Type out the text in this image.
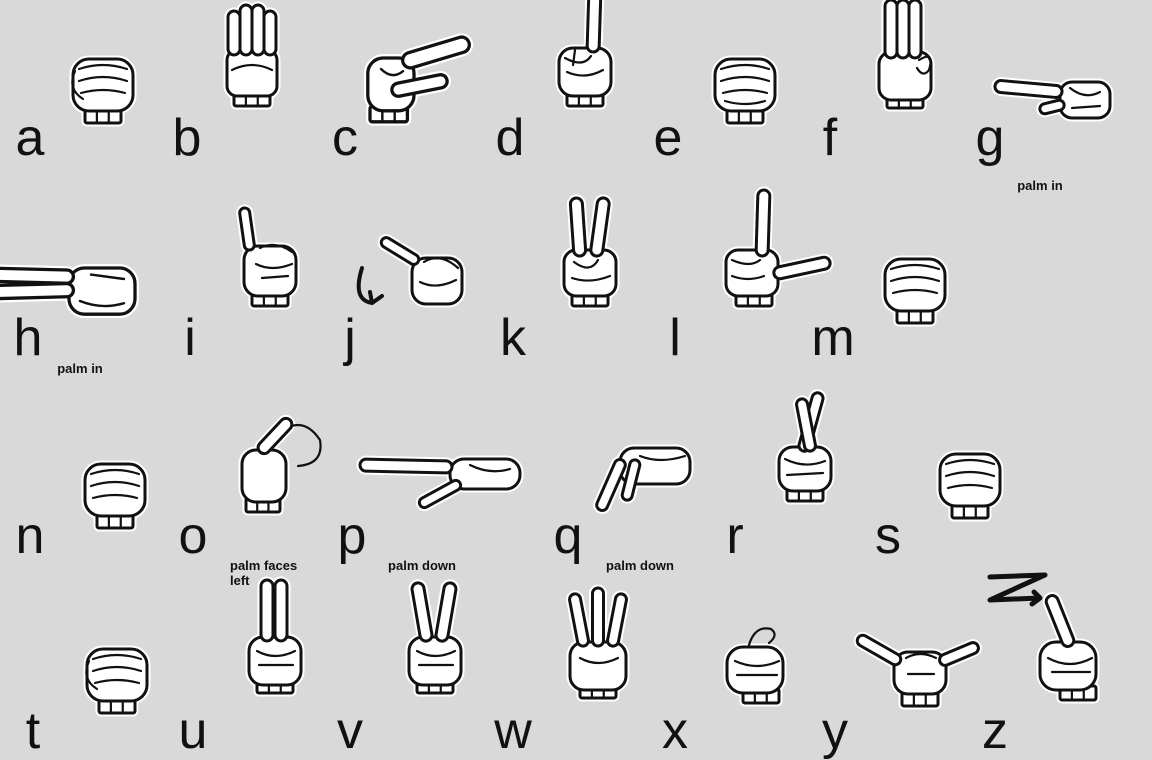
a b	c	d e	f	g
palm in
h
palm in
i	j	k	l	m
n	o
palm faces left
p
palm down
q
palm down
r	s
t	u v	w	x	y	z
